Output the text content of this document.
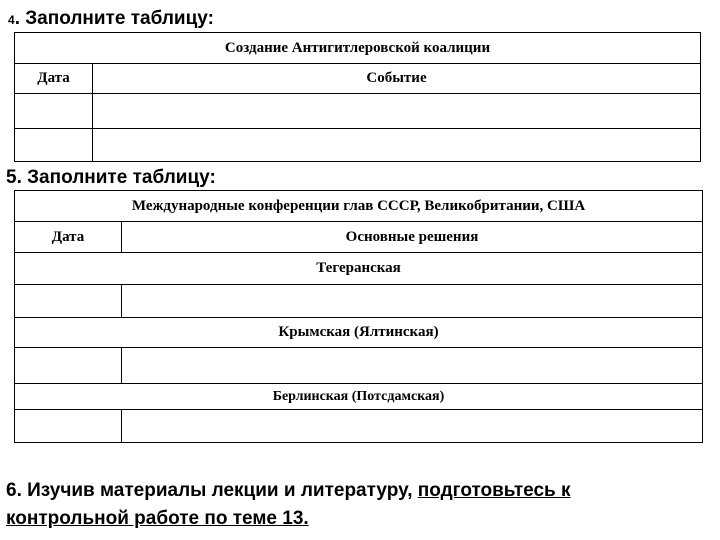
4. Заполните таблицу:
Создание Антигитлеровской коалиции	
Дата	Событие

5. Заполните таблицу:
Международные конференции глав СССР, Великобритании, США	
Дата	Основные решения
Тегеранская	

Крымская (Ялтинская)	

Берлинская (Потсдамская)	

6. Изучив материалы лекции и литературу, подготовьтесь к
контрольной работе по теме 13.
